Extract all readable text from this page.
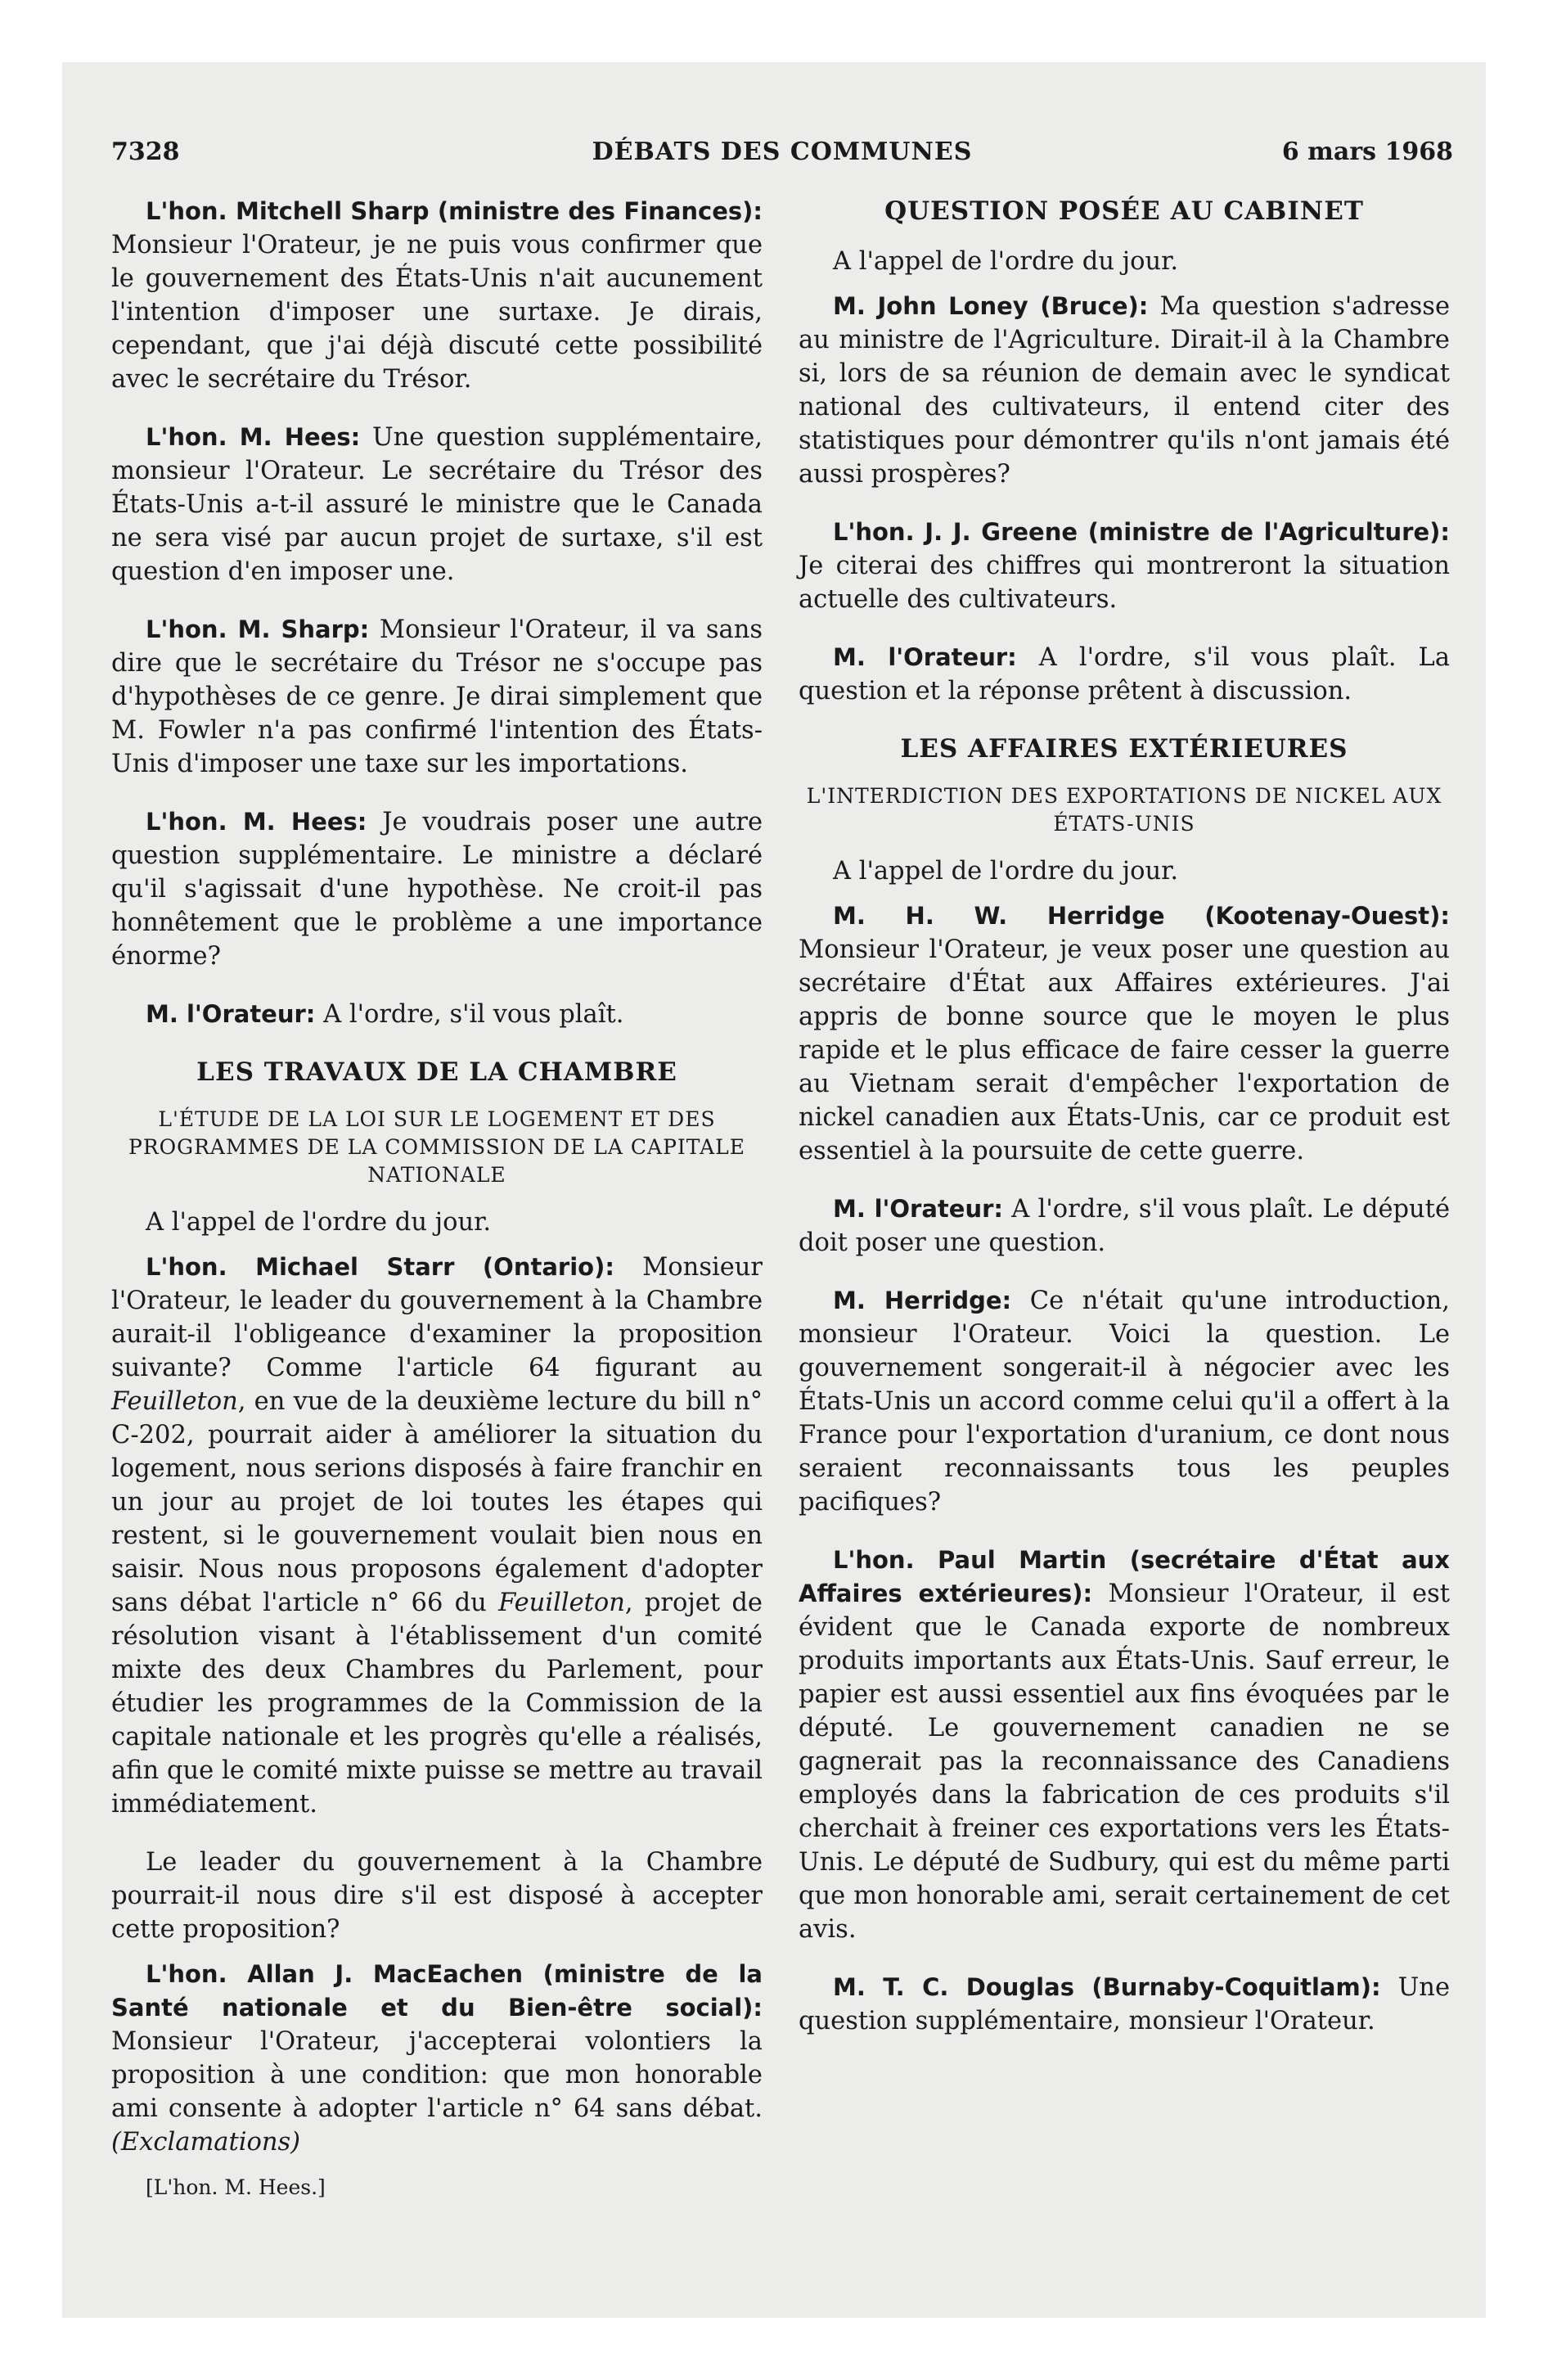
7328	DÉBATS DES COMMUNES	6 mars 1968

L'hon. Mitchell Sharp (ministre des Finances): Monsieur l'Orateur, je ne puis vous confirmer que le gouvernement des États-Unis n'ait aucunement l'intention d'imposer une surtaxe. Je dirais, cependant, que j'ai déjà discuté cette possibilité avec le secrétaire du Trésor.

L'hon. M. Hees: Une question supplémentaire, monsieur l'Orateur. Le secrétaire du Trésor des États-Unis a-t-il assuré le ministre que le Canada ne sera visé par aucun projet de surtaxe, s'il est question d'en imposer une.

L'hon. M. Sharp: Monsieur l'Orateur, il va sans dire que le secrétaire du Trésor ne s'occupe pas d'hypothèses de ce genre. Je dirai simplement que M. Fowler n'a pas confirmé l'intention des États-Unis d'imposer une taxe sur les importations.

L'hon. M. Hees: Je voudrais poser une autre question supplémentaire. Le ministre a déclaré qu'il s'agissait d'une hypothèse. Ne croit-il pas honnêtement que le problème a une importance énorme?

M. l'Orateur: A l'ordre, s'il vous plaît.

LES TRAVAUX DE LA CHAMBRE
L'ÉTUDE DE LA LOI SUR LE LOGEMENT ET DES PROGRAMMES DE LA COMMISSION DE LA CAPITALE NATIONALE

A l'appel de l'ordre du jour.

L'hon. Michael Starr (Ontario): Monsieur l'Orateur, le leader du gouvernement à la Chambre aurait-il l'obligeance d'examiner la proposition suivante? Comme l'article 64 figurant au Feuilleton, en vue de la deuxième lecture du bill n° C-202, pourrait aider à améliorer la situation du logement, nous serions disposés à faire franchir en un jour au projet de loi toutes les étapes qui restent, si le gouvernement voulait bien nous en saisir. Nous nous proposons également d'adopter sans débat l'article n° 66 du Feuilleton, projet de résolution visant à l'établissement d'un comité mixte des deux Chambres du Parlement, pour étudier les programmes de la Commission de la capitale nationale et les progrès qu'elle a réalisés, afin que le comité mixte puisse se mettre au travail immédiatement.

Le leader du gouvernement à la Chambre pourrait-il nous dire s'il est disposé à accepter cette proposition?

L'hon. Allan J. MacEachen (ministre de la Santé nationale et du Bien-être social): Monsieur l'Orateur, j'accepterai volontiers la proposition à une condition: que mon honorable ami consente à adopter l'article n° 64 sans débat. (Exclamations)

[L'hon. M. Hees.]

QUESTION POSÉE AU CABINET

A l'appel de l'ordre du jour.

M. John Loney (Bruce): Ma question s'adresse au ministre de l'Agriculture. Dirait-il à la Chambre si, lors de sa réunion de demain avec le syndicat national des cultivateurs, il entend citer des statistiques pour démontrer qu'ils n'ont jamais été aussi prospères?

L'hon. J. J. Greene (ministre de l'Agriculture): Je citerai des chiffres qui montreront la situation actuelle des cultivateurs.

M. l'Orateur: A l'ordre, s'il vous plaît. La question et la réponse prêtent à discussion.

LES AFFAIRES EXTÉRIEURES
L'INTERDICTION DES EXPORTATIONS DE NICKEL AUX ÉTATS-UNIS

A l'appel de l'ordre du jour.

M. H. W. Herridge (Kootenay-Ouest): Monsieur l'Orateur, je veux poser une question au secrétaire d'État aux Affaires extérieures. J'ai appris de bonne source que le moyen le plus rapide et le plus efficace de faire cesser la guerre au Vietnam serait d'empêcher l'exportation de nickel canadien aux États-Unis, car ce produit est essentiel à la poursuite de cette guerre.

M. l'Orateur: A l'ordre, s'il vous plaît. Le député doit poser une question.

M. Herridge: Ce n'était qu'une introduction, monsieur l'Orateur. Voici la question. Le gouvernement songerait-il à négocier avec les États-Unis un accord comme celui qu'il a offert à la France pour l'exportation d'uranium, ce dont nous seraient reconnaissants tous les peuples pacifiques?

L'hon. Paul Martin (secrétaire d'État aux Affaires extérieures): Monsieur l'Orateur, il est évident que le Canada exporte de nombreux produits importants aux États-Unis. Sauf erreur, le papier est aussi essentiel aux fins évoquées par le député. Le gouvernement canadien ne se gagnerait pas la reconnaissance des Canadiens employés dans la fabrication de ces produits s'il cherchait à freiner ces exportations vers les États-Unis. Le député de Sudbury, qui est du même parti que mon honorable ami, serait certainement de cet avis.

M. T. C. Douglas (Burnaby-Coquitlam): Une question supplémentaire, monsieur l'Orateur.
